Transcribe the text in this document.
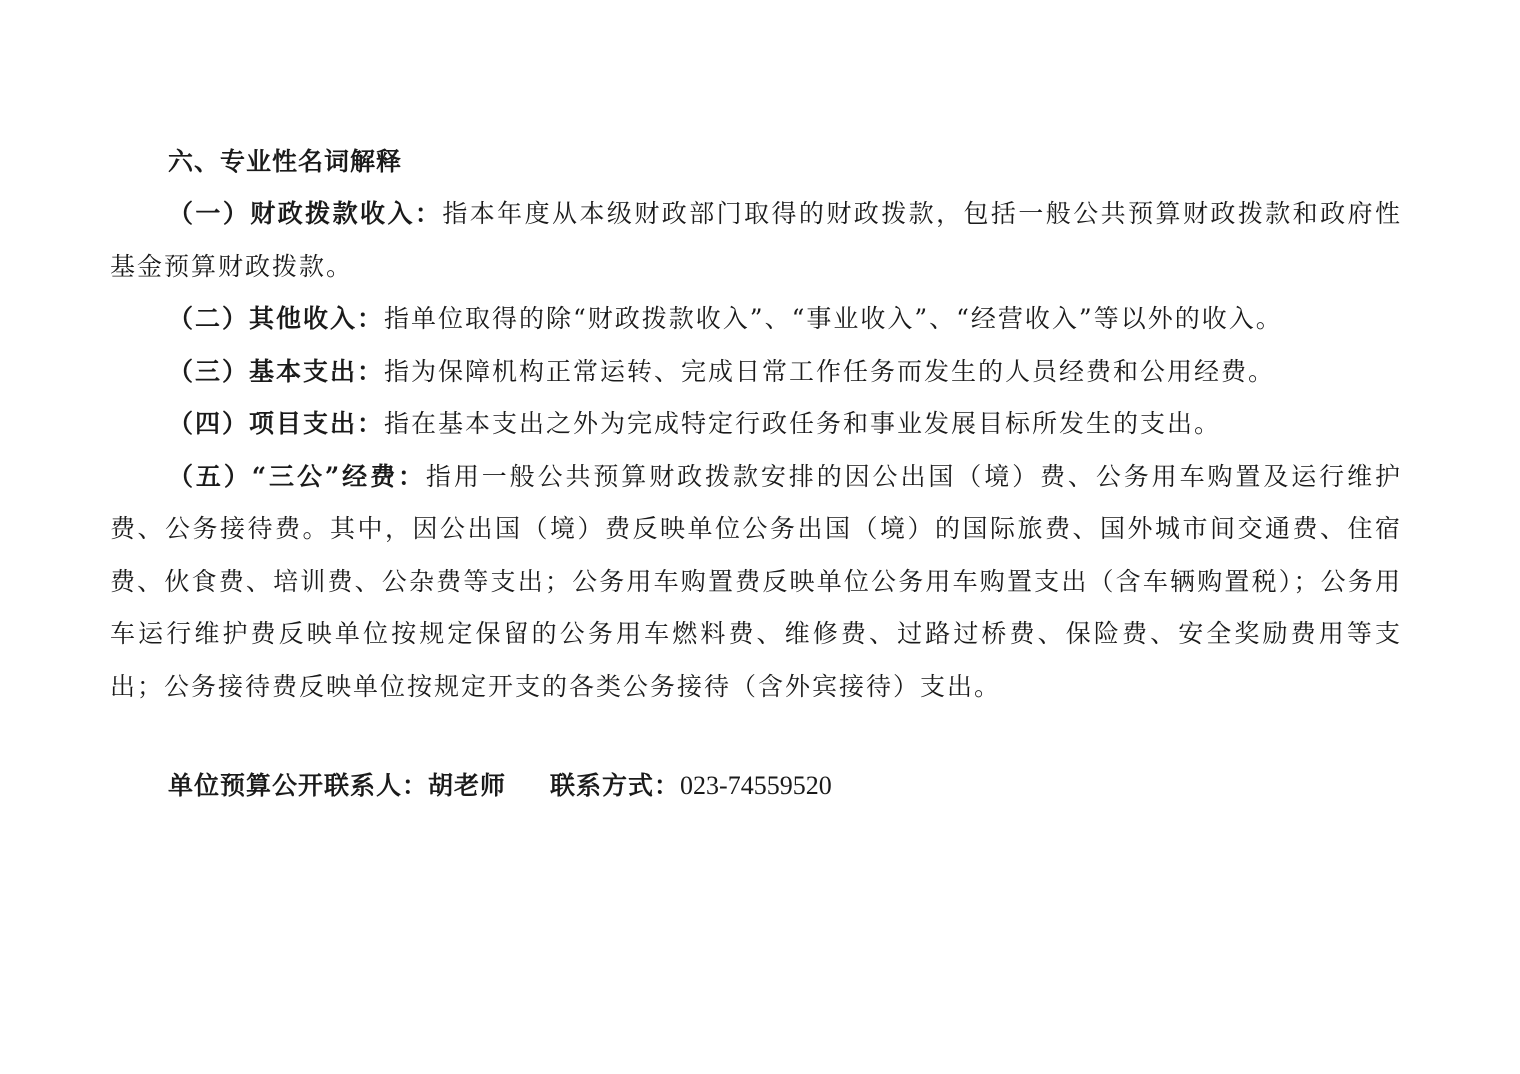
六、专业性名词解释

（一）财政拨款收入：指本年度从本级财政部门取得的财政拨款，包括一般公共预算财政拨款和政府性基金预算财政拨款。

（二）其他收入：指单位取得的除“财政拨款收入”、“事业收入”、“经营收入”等以外的收入。

（三）基本支出：指为保障机构正常运转、完成日常工作任务而发生的人员经费和公用经费。

（四）项目支出：指在基本支出之外为完成特定行政任务和事业发展目标所发生的支出。

（五）“三公”经费：指用一般公共预算财政拨款安排的因公出国（境）费、公务用车购置及运行维护费、公务接待费。其中，因公出国（境）费反映单位公务出国（境）的国际旅费、国外城市间交通费、住宿费、伙食费、培训费、公杂费等支出；公务用车购置费反映单位公务用车购置支出（含车辆购置税）；公务用车运行维护费反映单位按规定保留的公务用车燃料费、维修费、过路过桥费、保险费、安全奖励费用等支出；公务接待费反映单位按规定开支的各类公务接待（含外宾接待）支出。

单位预算公开联系人：胡老师 联系方式：023-74559520
